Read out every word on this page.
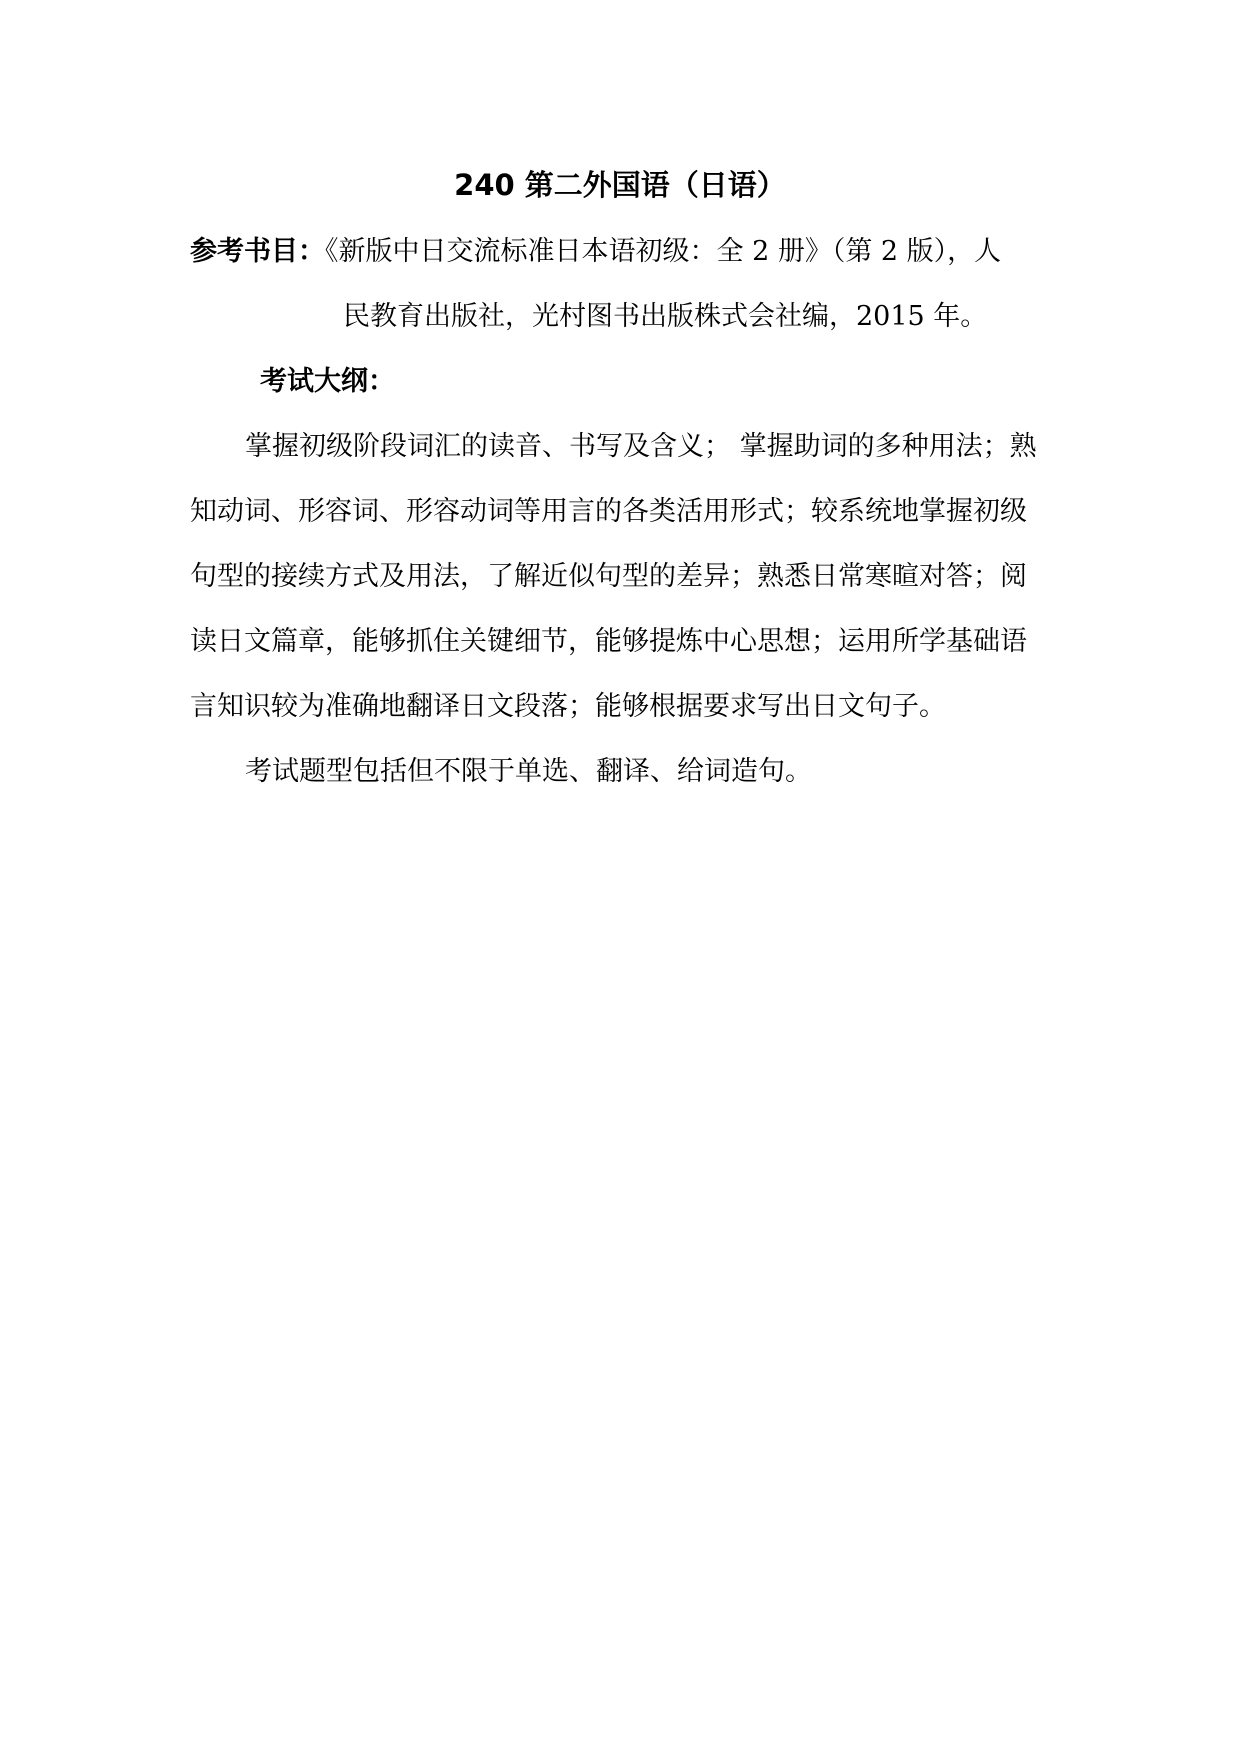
240 第二外国语（日语）
参考书目：《新版中日交流标准日本语初级：全 2 册》（第 2 版），人
民教育出版社，光村图书出版株式会社编，2015 年。
考试大纲：
掌握初级阶段词汇的读音、书写及含义； 掌握助词的多种用法；熟
知动词、形容词、形容动词等用言的各类活用形式；较系统地掌握初级
句型的接续方式及用法，了解近似句型的差异；熟悉日常寒暄对答；阅
读日文篇章，能够抓住关键细节，能够提炼中心思想；运用所学基础语
言知识较为准确地翻译日文段落；能够根据要求写出日文句子。
考试题型包括但不限于单选、翻译、给词造句。
